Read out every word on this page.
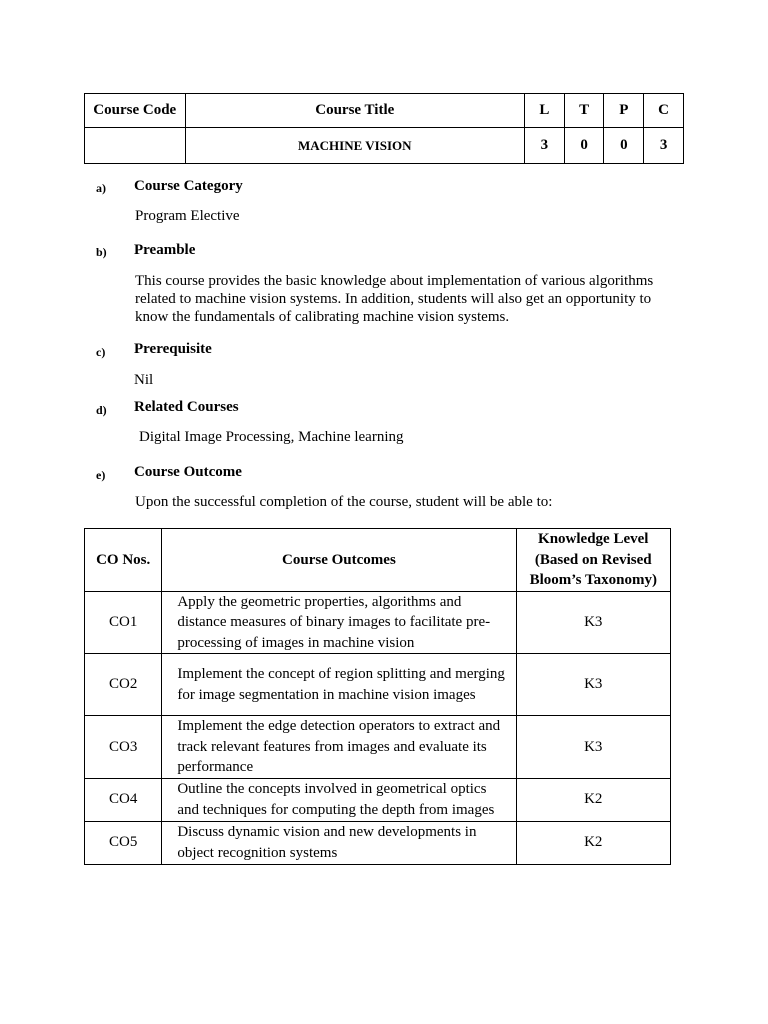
Course Code	Course Title	L	T	P	C
	MACHINE VISION	3	0	0	3
a) Course Category
Program Elective
b) Preamble
This course provides the basic knowledge about implementation of various algorithms related to machine vision systems. In addition, students will also get an opportunity to know the fundamentals of calibrating machine vision systems.
c) Prerequisite
Nil
d) Related Courses
Digital Image Processing, Machine learning
e) Course Outcome
Upon the successful completion of the course, student will be able to:
CO Nos.	Course Outcomes	Knowledge Level (Based on Revised Bloom’s Taxonomy)
CO1	Apply the geometric properties, algorithms and distance measures of binary images to facilitate pre-processing of images in machine vision	K3
CO2	Implement the concept of region splitting and merging for image segmentation in machine vision images	K3
CO3	Implement the edge detection operators to extract and track relevant features from images and evaluate its performance	K3
CO4	Outline the concepts involved in geometrical optics and techniques for computing the depth from images	K2
CO5	Discuss dynamic vision and new developments in object recognition systems	K2
